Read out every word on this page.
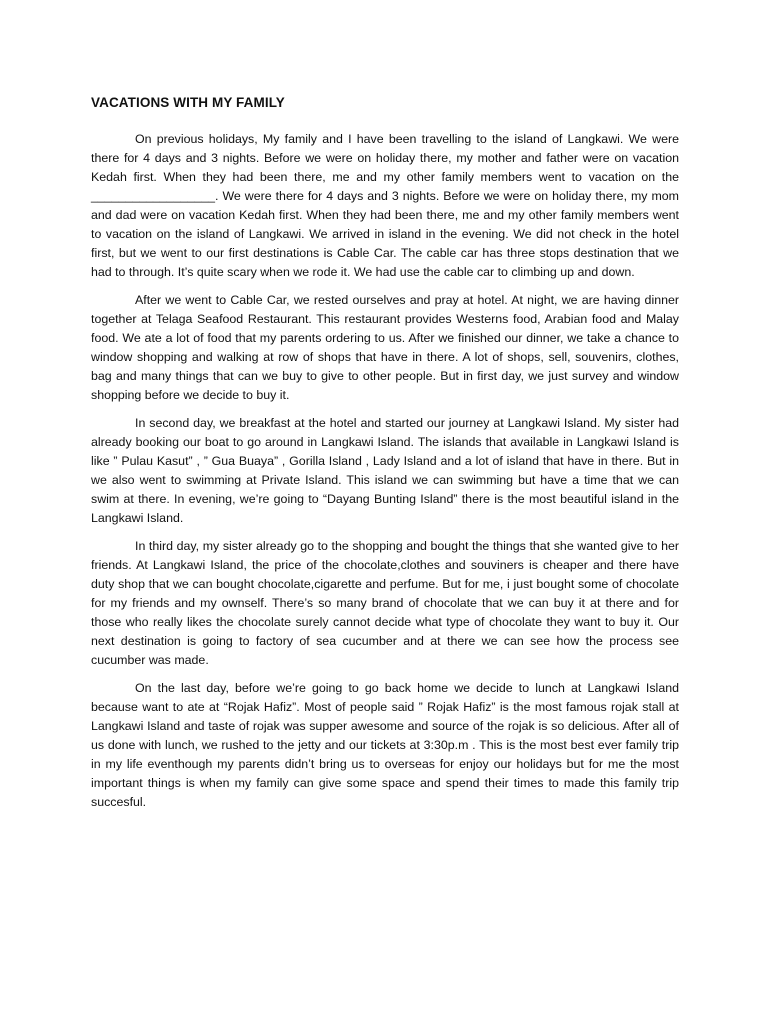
VACATIONS WITH MY FAMILY

On previous holidays, My family and I have been travelling to the island of Langkawi. We were there for 4 days and 3 nights. Before we were on holiday there, my mother and father were on vacation Kedah first. When they had been there, me and my other family members went to vacation on the __________________. We were there for 4 days and 3 nights. Before we were on holiday there, my mom and dad were on vacation Kedah first. When they had been there, me and my other family members went to vacation on the island of Langkawi. We arrived in island in the evening. We did not check in the hotel first, but we went to our first destinations is Cable Car. The cable car has three stops destination that we had to through. It’s quite scary when we rode it. We had use the cable car to climbing up and down.

After we went to Cable Car, we rested ourselves and pray at hotel. At night, we are having dinner together at Telaga Seafood Restaurant. This restaurant provides Westerns food, Arabian food and Malay food. We ate a lot of food that my parents ordering to us. After we finished our dinner, we take a chance to window shopping and walking at row of shops that have in there. A lot of shops, sell, souvenirs, clothes, bag and many things that can we buy to give to other people. But in first day, we just survey and window shopping before we decide to buy it.

In second day, we breakfast at the hotel and started our journey at Langkawi Island. My sister had already booking our boat to go around in Langkawi Island. The islands that available in Langkawi Island is like ” Pulau Kasut” , ” Gua Buaya” , Gorilla Island , Lady Island and a lot of island that have in there. But in we also went to swimming at Private Island. This island we can swimming but have a time that we can swim at there. In evening, we’re going to “Dayang Bunting Island” there is the most beautiful island in the Langkawi Island.

In third day, my sister already go to the shopping and bought the things that she wanted give to her friends. At Langkawi Island, the price of the chocolate,clothes and souviners is cheaper and there have duty shop that we can bought chocolate,cigarette and perfume. But for me, i just bought some of chocolate for my friends and my ownself. There’s so many brand of chocolate that we can buy it at there and for those who really likes the chocolate surely cannot decide what type of chocolate they want to buy it. Our next destination is going to factory of sea cucumber and at there we can see how the process see cucumber was made.

On the last day, before we’re going to go back home we decide to lunch at Langkawi Island because want to ate at “Rojak Hafiz”. Most of people said ” Rojak Hafiz” is the most famous rojak stall at Langkawi Island and taste of rojak was supper awesome and source of the rojak is so delicious. After all of us done with lunch, we rushed to the jetty and our tickets at 3:30p.m . This is the most best ever family trip in my life eventhough my parents didn’t bring us to overseas for enjoy our holidays but for me the most important things is when my family can give some space and spend their times to made this family trip succesful.
